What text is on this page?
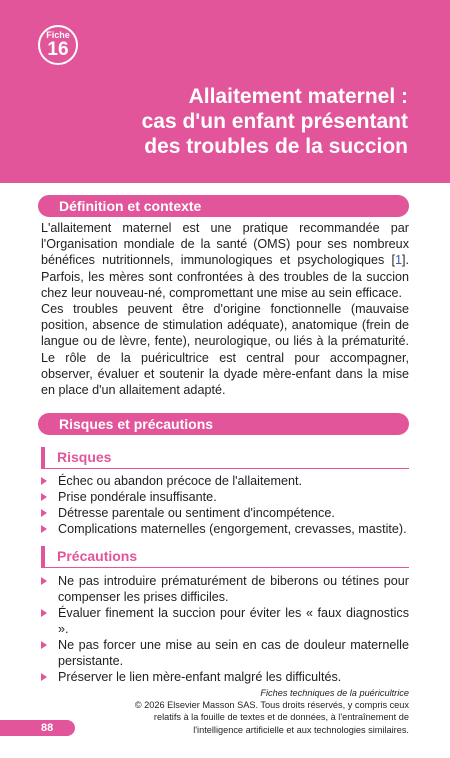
Fiche
16
Allaitement maternel :
cas d'un enfant présentant
des troubles de la succion
Définition et contexte

L'allaitement maternel est une pratique recommandée par l'Organisation mondiale de la santé (OMS) pour ses nombreux bénéfices nutritionnels, immunologiques et psychologiques [1]. Parfois, les mères sont confrontées à des troubles de la succion chez leur nouveau-né, compromettant une mise au sein efficace.

Ces troubles peuvent être d'origine fonctionnelle (mauvaise position, absence de stimulation adéquate), anatomique (frein de langue ou de lèvre, fente), neurologique, ou liés à la prématurité. Le rôle de la puéricultrice est central pour accompagner, observer, évaluer et soutenir la dyade mère-enfant dans la mise en place d'un allaitement adapté.

Risques et précautions
Risques
Échec ou abandon précoce de l'allaitement.
Prise pondérale insuffisante.
Détresse parentale ou sentiment d'incompétence.
Complications maternelles (engorgement, crevasses, mastite).
Précautions
Ne pas introduire prématurément de biberons ou tétines pour compenser les prises difficiles.
Évaluer finement la succion pour éviter les « faux diagnostics ».
Ne pas forcer une mise au sein en cas de douleur maternelle persistante.
Préserver le lien mère-enfant malgré les difficultés.
Fiches techniques de la puéricultrice
© 2026 Elsevier Masson SAS. Tous droits réservés, y compris ceux relatifs à la fouille de textes et de données, à l'entraînement de l'intelligence artificielle et aux technologies similaires.
88
